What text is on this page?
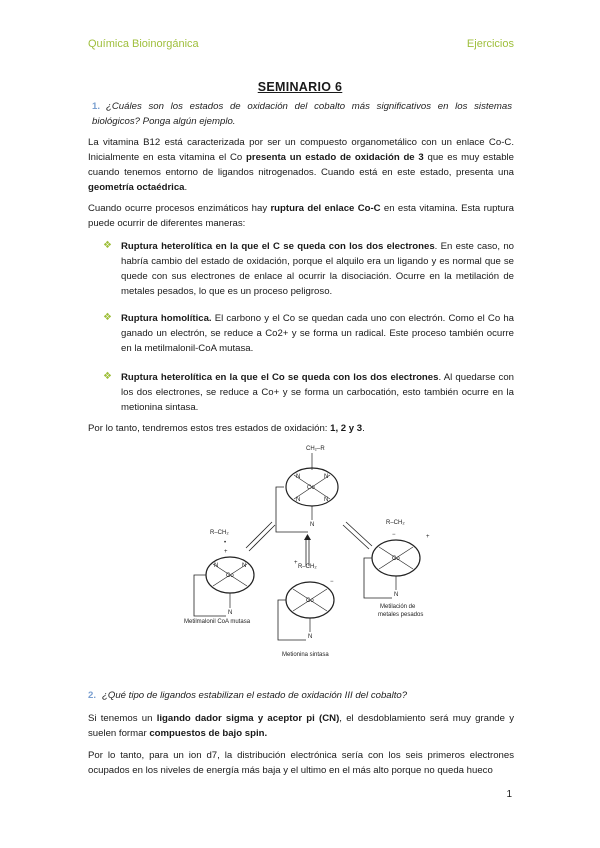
Química Bioinorgánica	Ejercicios
SEMINARIO 6
1. ¿Cuáles son los estados de oxidación del cobalto más significativos en los sistemas biológicos? Ponga algún ejemplo.
La vitamina B12 está caracterizada por ser un compuesto organometálico con un enlace Co-C. Inicialmente en esta vitamina el Co presenta un estado de oxidación de 3 que es muy estable cuando tenemos entorno de ligandos nitrogenados. Cuando está en este estado, presenta una geometría octaédrica.
Cuando ocurre procesos enzimáticos hay ruptura del enlace Co-C en esta vitamina. Esta ruptura puede ocurrir de diferentes maneras:
❖ Ruptura heterolítica en la que el C se queda con los dos electrones. En este caso, no habría cambio del estado de oxidación, porque el alquilo era un ligando y es normal que se quede con sus electrones de enlace al ocurrir la disociación. Ocurre en la metilación de metales pesados, lo que es un proceso peligroso.
❖ Ruptura homolítica. El carbono y el Co se quedan cada uno con electrón. Como el Co ha ganado un electrón, se reduce a Co2+ y se forma un radical. Este proceso también ocurre en la metilmalonil-CoA mutasa.
❖ Ruptura heterolítica en la que el Co se queda con los dos electrones. Al quedarse con los dos electrones, se reduce a Co+ y se forma un carbocatión, esto también ocurre en la metionina sintasa.
Por lo tanto, tendremos estos tres estados de oxidación: 1, 2 y 3.
CH₂–R
Co
N	N
N	N
N
R–CH₂
•
+
Co
N	N
N
Metilmalonil CoA mutasa
R–CH₂
+
Co
−
N
Metionina sintasa
R–CH₂
−
Co
+
N
Metilación de
metales pesados
2. ¿Qué tipo de ligandos estabilizan el estado de oxidación III del cobalto?
Si tenemos un ligando dador sigma y aceptor pi (CN), el desdoblamiento será muy grande y suelen formar compuestos de bajo spin.
Por lo tanto, para un ion d7, la distribución electrónica sería con los seis primeros electrones ocupados en los niveles de energía más baja y el ultimo en el más alto porque no queda hueco
1
